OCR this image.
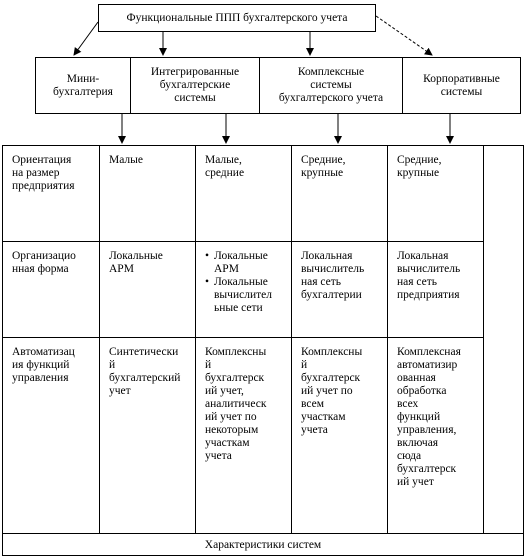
Функциональные ППП бухгалтерского учета
Мини-
бухгалтерия
Интегрированные
бухгалтерские
системы
Комплексные
системы
бухгалтерского учета
Корпоративные
системы
Ориентация
на размер
предприятия
Малые	Малые,
средние
Средние,
крупные
Средние,
крупные
Организацио
нная форма
Локальные
АРМ
• Локальные
АРМ
• Локальные
вычислител
ьные сети
Локальная
вычислитель
ная сеть
бухгалтерии
Локальная
вычислитель
ная сеть
предприятия
Автоматизац
ия функций
управления
Синтетически
й
бухгалтерский
учет
Комплексны
й
бухгалтерск
ий учет,
аналитическ
ий учет по
некоторым
участкам
учета
Комплексны
й
бухгалтерск
ий учет по
всем
участкам
учета
Комплексная
автоматизир
ованная
обработка
всех
функций
управления,
включая
сюда
бухгалтерск
ий учет
Характеристики систем
